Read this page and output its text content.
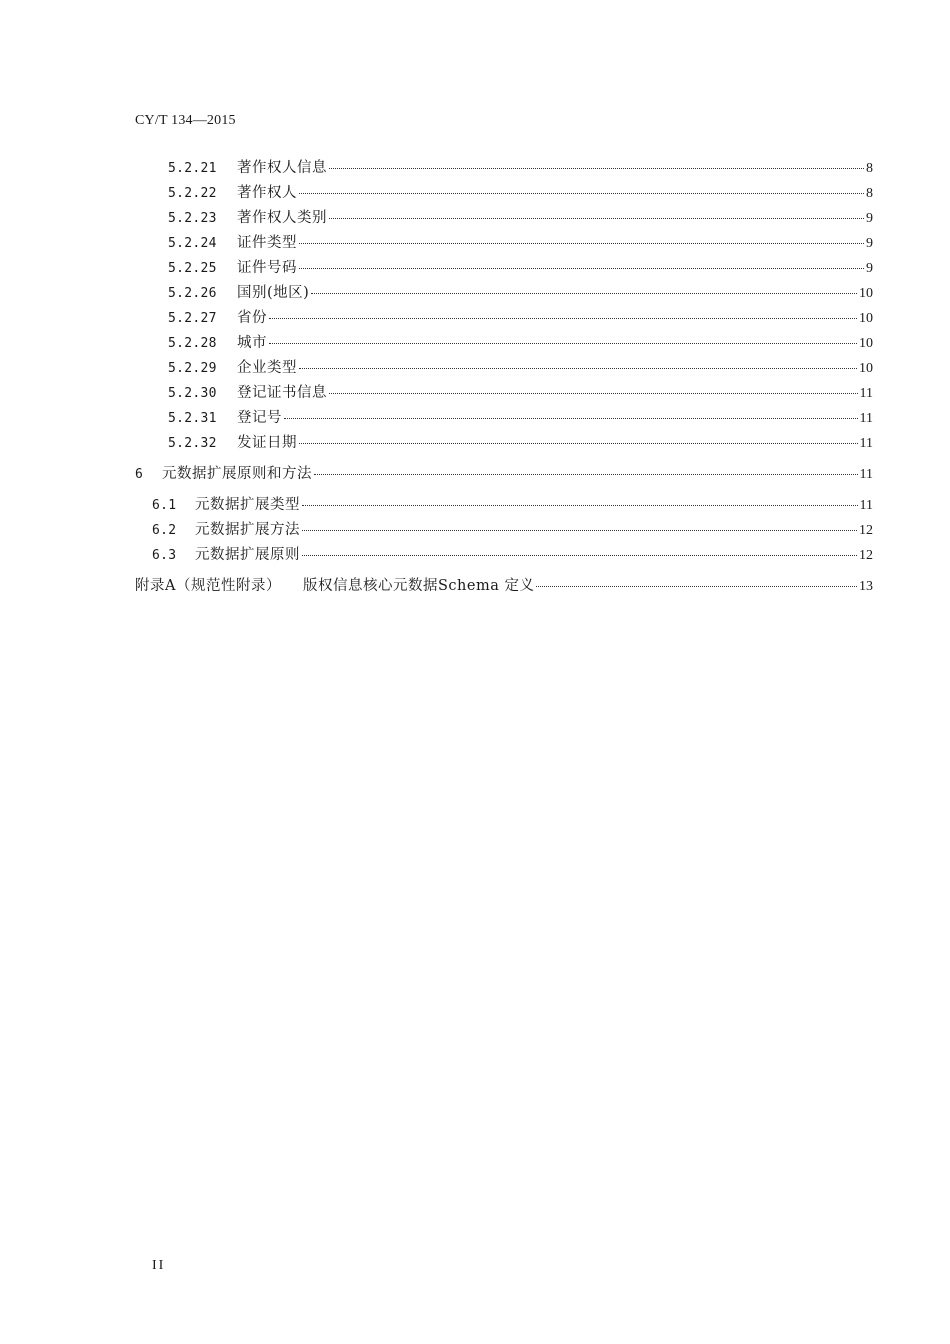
CY/T 134—2015
5.2.21	著作权人信息	8
5.2.22	著作权人	8
5.2.23	著作权人类别	9
5.2.24	证件类型	9
5.2.25	证件号码	9
5.2.26	国别(地区)	10
5.2.27	省份	10
5.2.28	城市	10
5.2.29	企业类型	10
5.2.30	登记证书信息	11
5.2.31	登记号	11
5.2.32	发证日期	11
6	元数据扩展原则和方法	11
6.1	元数据扩展类型	11
6.2	元数据扩展方法	12
6.3	元数据扩展原则	12
附录A（规范性附录） 版权信息核心元数据Schema 定义	13
II
